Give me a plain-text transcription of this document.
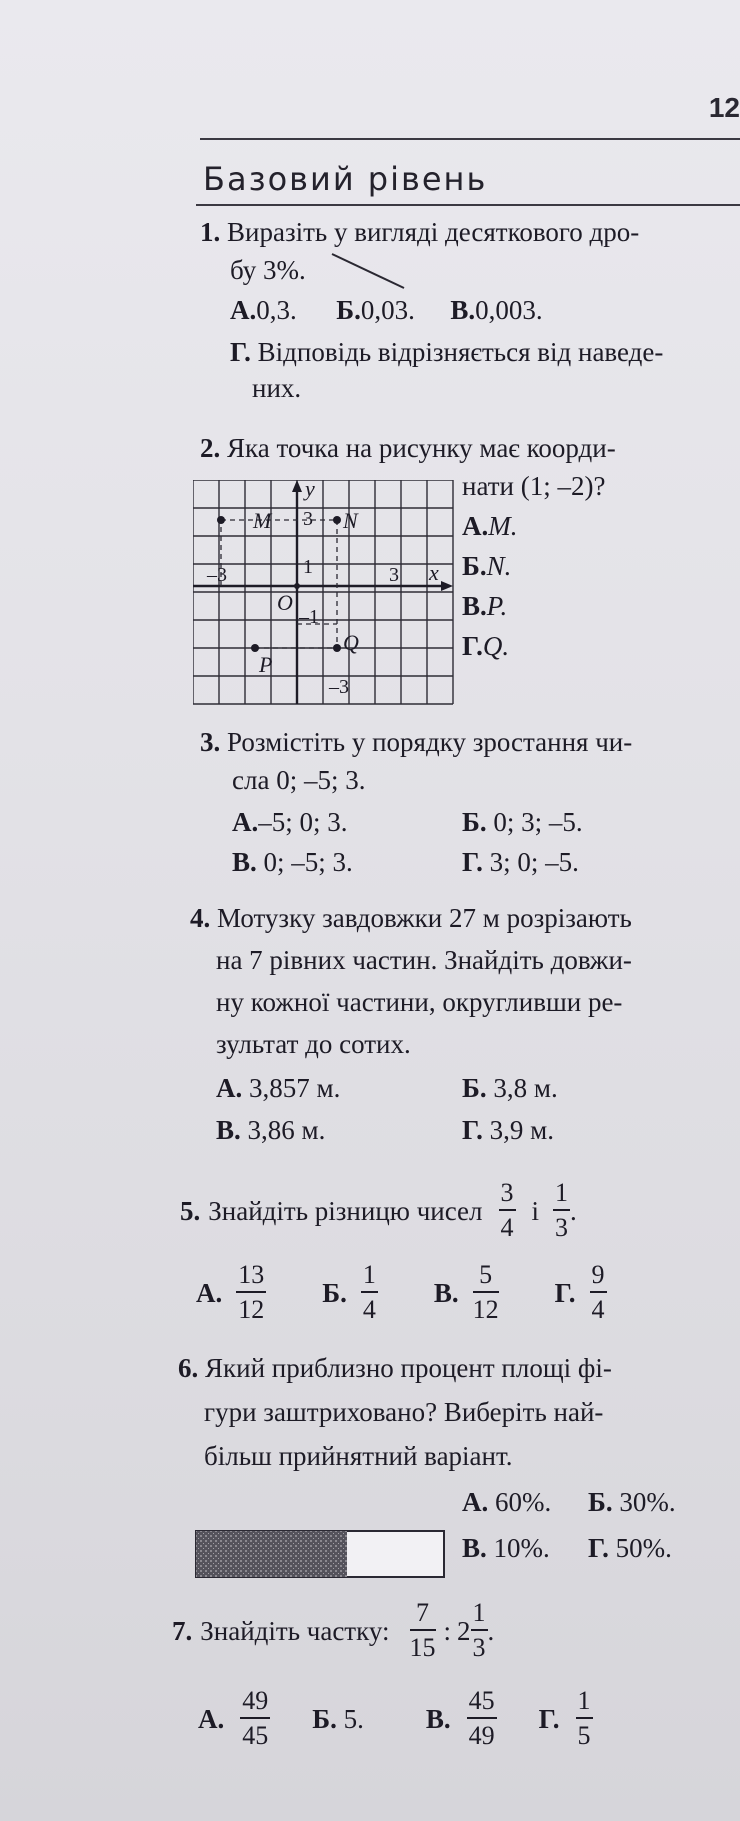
12
Базовий рівень
1. Виразіть у вигляді десяткового дро-
бу 3%.
А.0,3. Б.0,03. В.0,003.
Г. Відповідь відрізняється від наведе-
них.
2. Яка точка на рисунку має коорди-
нати (1; –2)?
А.М.
Б.N.
В.Р.
Г.Q.
y
x
O
M	N
P
Q
3
1
–1
–3
–3	3
3. Розмістіть у порядку зростання чи-
сла 0; –5; 3.
А.–5; 0; 3.	Б. 0; 3; –5.
В. 0; –5; 3.	Г. 3; 0; –5.
4. Мотузку завдовжки 27 м розрізають
на 7 рівних частин. Знайдіть довжи-
ну кожної частини, округливши ре-
зультат до сотих.
А. 3,857 м.	Б. 3,8 м.
В. 3,86 м.	Г. 3,9 м.
5. Знайдіть різницю чисел $\frac{3}{4}$ і $\frac{1}{3}$ .
А. $\frac{13}{12} Б$. $\frac{1}{4} В$. $\frac{5}{12} Г$. $\frac{9}{4}$
6. Який приблизно процент площі фі-
гури заштриховано? Виберіть най-
більш прийнятний варіант.
А. 60%. Б. 30%.
В. 10%. Г. 50%.
7. Знайдіть частку: $\frac{7}{15}$ : $2 \frac{1}{3}$ .
А. $\frac{49}{45} Б$. 5. В. $\frac{45}{49} Г$. $\frac{1}{5}$
